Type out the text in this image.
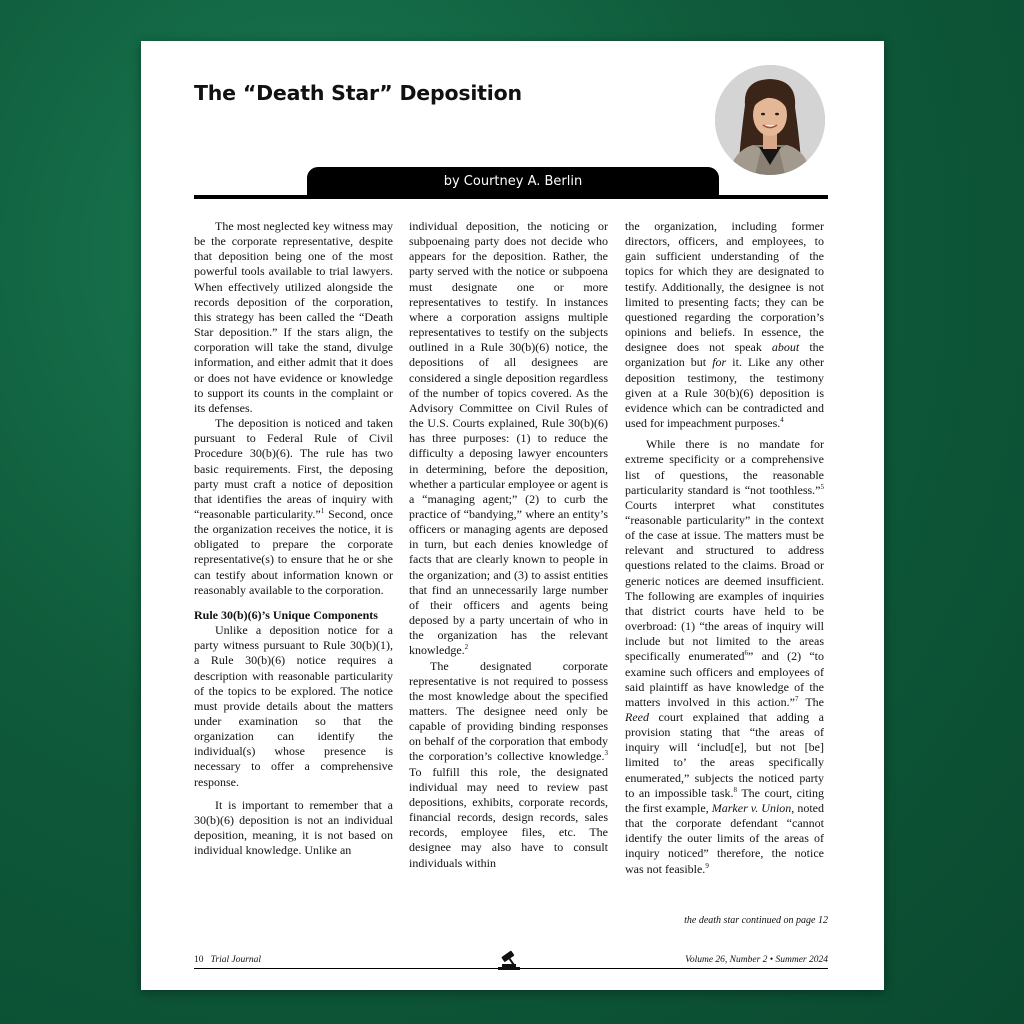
The “Death Star” Deposition
by Courtney A. Berlin

The most neglected key witness may be the corporate representative, despite that deposition being one of the most powerful tools available to trial lawyers. When effectively utilized alongside the records deposition of the corporation, this strategy has been called the “Death Star deposition.” If the stars align, the corporation will take the stand, divulge information, and either admit that it does or does not have evidence or knowledge to support its counts in the complaint or its defenses.

The deposition is noticed and taken pursuant to Federal Rule of Civil Procedure 30(b)(6). The rule has two basic requirements. First, the deposing party must craft a notice of deposition that identifies the areas of inquiry with “reasonable particularity.”$^1$ Second, once the organization receives the notice, it is obligated to prepare the corporate representative(s) to ensure that he or she can testify about information known or reasonably available to the corporation.

Rule 30(b)(6)’s Unique Components

Unlike a deposition notice for a party witness pursuant to Rule 30(b)(1), a Rule 30(b)(6) notice requires a description with reasonable particularity of the topics to be explored. The notice must provide details about the matters under examination so that the organization can identify the individual(s) whose presence is necessary to offer a comprehensive response.

It is important to remember that a 30(b)(6) deposition is not an individual deposition, meaning, it is not based on individual knowledge. Unlike an

individual deposition, the noticing or subpoenaing party does not decide who appears for the deposition. Rather, the party served with the notice or subpoena must designate one or more representatives to testify. In instances where a corporation assigns multiple representatives to testify on the subjects outlined in a Rule 30(b)(6) notice, the depositions of all designees are considered a single deposition regardless of the number of topics covered. As the Advisory Committee on Civil Rules of the U.S. Courts explained, Rule 30(b)(6) has three purposes: (1) to reduce the difficulty a deposing lawyer encounters in determining, before the deposition, whether a particular employee or agent is a “managing agent;” (2) to curb the practice of “bandying,” where an entity’s officers or managing agents are deposed in turn, but each denies knowledge of facts that are clearly known to people in the organization; and (3) to assist entities that find an unnecessarily large number of their officers and agents being deposed by a party uncertain of who in the organization has the relevant knowledge.$^2$

The designated corporate representative is not required to possess the most knowledge about the specified matters. The designee need only be capable of providing binding responses on behalf of the corporation that embody the corporation’s collective knowledge.$^3$ To fulfill this role, the designated individual may need to review past depositions, exhibits, corporate records, financial records, design records, sales records, employee files, etc. The designee may also have to consult individuals within

the organization, including former directors, officers, and employees, to gain sufficient understanding of the topics for which they are designated to testify. Additionally, the designee is not limited to presenting facts; they can be questioned regarding the corporation’s opinions and beliefs. In essence, the designee does not speak about the organization but for it. Like any other deposition testimony, the testimony given at a Rule 30(b)(6) deposition is evidence which can be contradicted and used for impeachment purposes.$^4$

While there is no mandate for extreme specificity or a comprehensive list of questions, the reasonable particularity standard is “not toothless.”$^5$ Courts interpret what constitutes “reasonable particularity” in the context of the case at issue. The matters must be relevant and structured to address questions related to the claims. Broad or generic notices are deemed insufficient. The following are examples of inquiries that district courts have held to be overbroad: (1) “the areas of inquiry will include but not limited to the areas specifically enumerated$^6$” and (2) “to examine such officers and employees of said plaintiff as have knowledge of the matters involved in this action.”$^7$ The Reed court explained that adding a provision stating that “the areas of inquiry will ‘includ[e], but not [be] limited to’ the areas specifically enumerated,” subjects the noticed party to an impossible task.$^8$ The court, citing the first example, Marker v. Union, noted that the corporate defendant “cannot identify the outer limits of the areas of inquiry noticed” therefore, the notice was not feasible.$^9$

the death star continued on page 12
10 Trial Journal	Volume 26, Number 2 • Summer 2024
